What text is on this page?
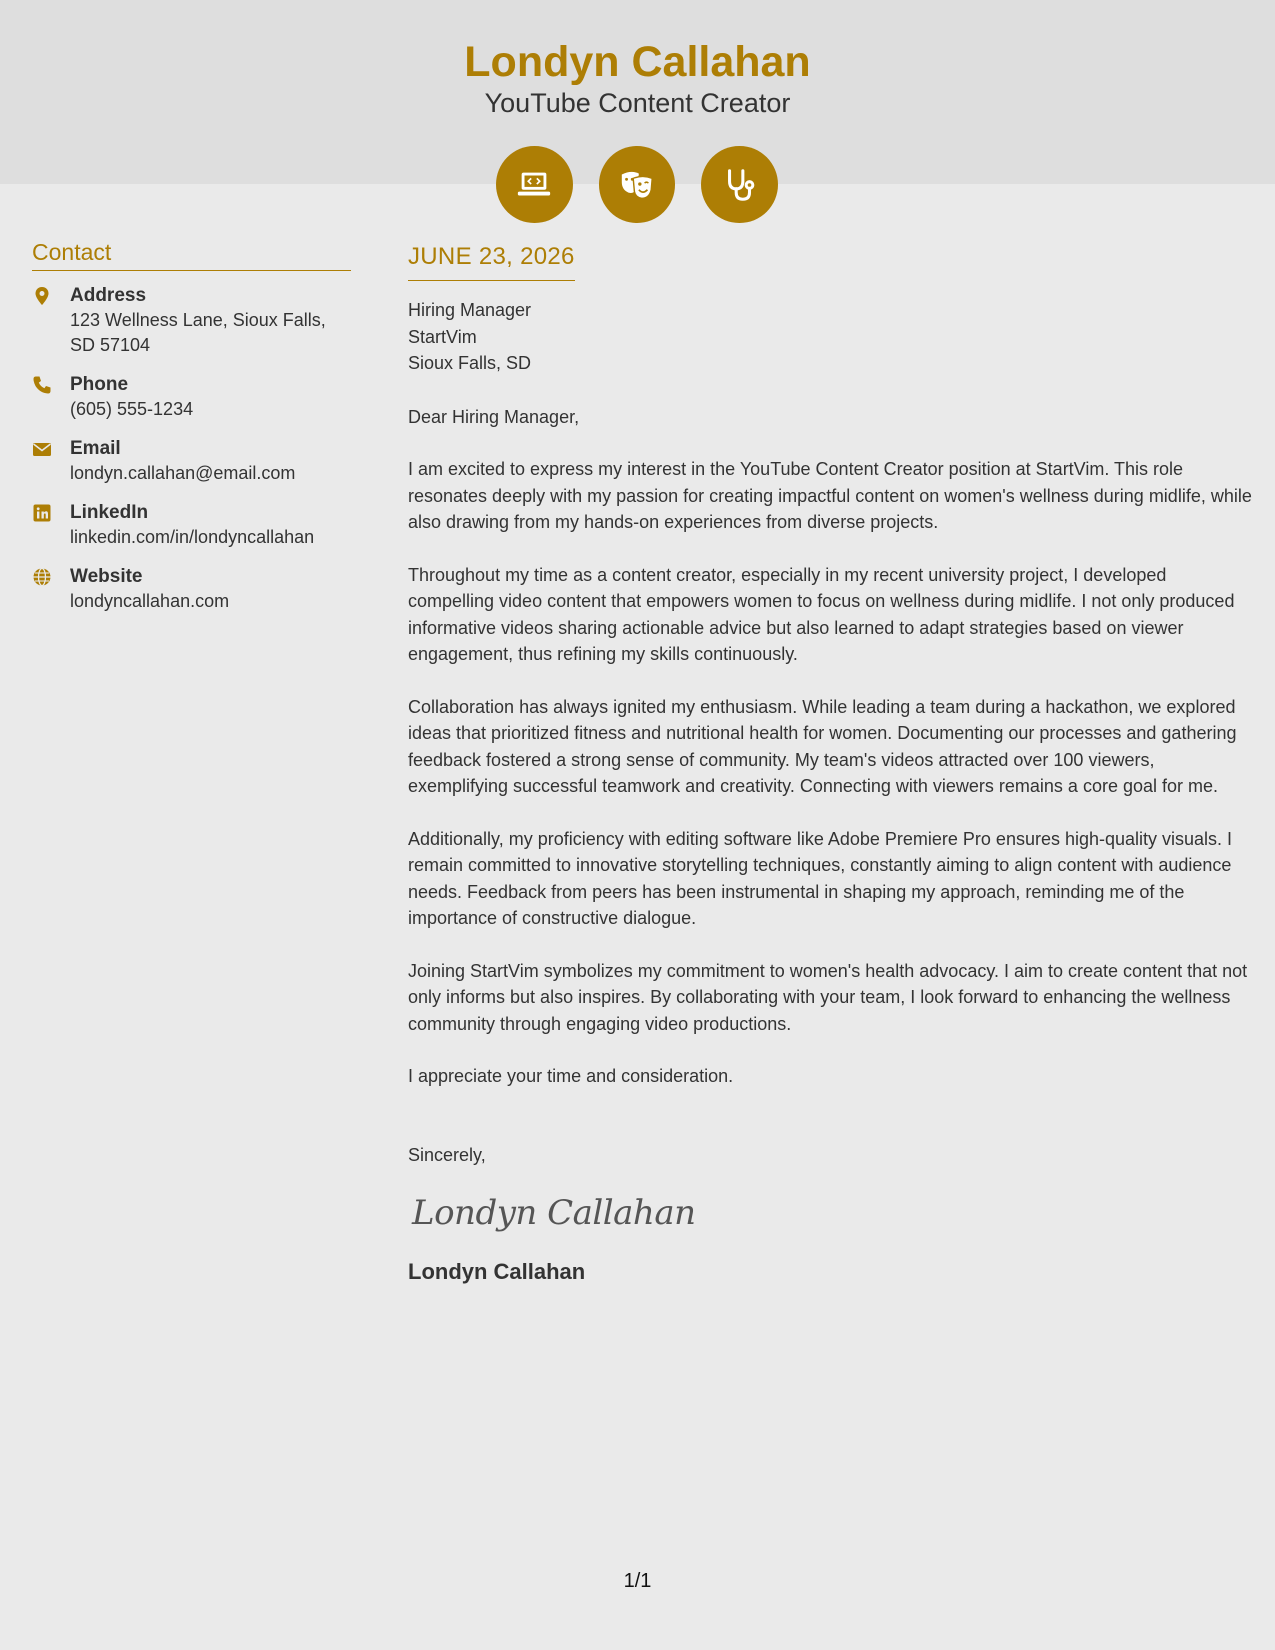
Londyn Callahan
YouTube Content Creator
Contact
Address
123 Wellness Lane, Sioux Falls, SD 57104
Phone
(605) 555-1234
Email
londyn.callahan@email.com
LinkedIn
linkedin.com/in/londyncallahan
Website
londyncallahan.com
JUNE 23, 2026
Hiring Manager
StartVim
Sioux Falls, SD
Dear Hiring Manager,
I am excited to express my interest in the YouTube Content Creator position at StartVim. This role resonates deeply with my passion for creating impactful content on women's wellness during midlife, while also drawing from my hands-on experiences from diverse projects.
Throughout my time as a content creator, especially in my recent university project, I developed compelling video content that empowers women to focus on wellness during midlife. I not only produced informative videos sharing actionable advice but also learned to adapt strategies based on viewer engagement, thus refining my skills continuously.
Collaboration has always ignited my enthusiasm. While leading a team during a hackathon, we explored ideas that prioritized fitness and nutritional health for women. Documenting our processes and gathering feedback fostered a strong sense of community. My team's videos attracted over 100 viewers, exemplifying successful teamwork and creativity. Connecting with viewers remains a core goal for me.
Additionally, my proficiency with editing software like Adobe Premiere Pro ensures high-quality visuals. I remain committed to innovative storytelling techniques, constantly aiming to align content with audience needs. Feedback from peers has been instrumental in shaping my approach, reminding me of the importance of constructive dialogue.
Joining StartVim symbolizes my commitment to women's health advocacy. I aim to create content that not only informs but also inspires. By collaborating with your team, I look forward to enhancing the wellness community through engaging video productions.
I appreciate your time and consideration.
Sincerely,
Londyn Callahan
Londyn Callahan
1/1
